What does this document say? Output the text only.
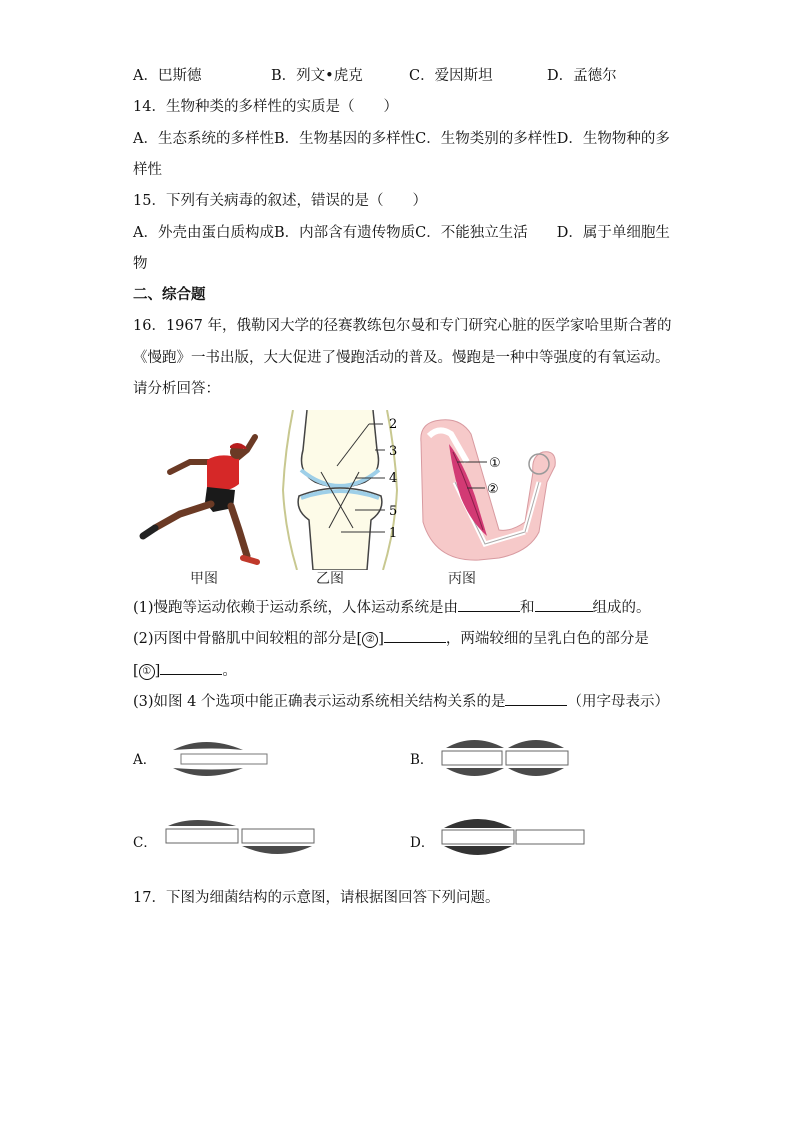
A．巴斯德	B．列文•虎克	C．爱因斯坦	D．孟德尔
14．生物种类的多样性的实质是（　　）
A．生态系统的多样性B．生物基因的多样性C．生物类别的多样性D．生物物种的多
样性
15．下列有关病毒的叙述，错误的是（　　）
A．外壳由蛋白质构成B．内部含有遗传物质C．不能独立生活　　D．属于单细胞生
物
二、综合题
16．1967 年，俄勒冈大学的径赛教练包尔曼和专门研究心脏的医学家哈里斯合著的
《慢跑》一书出版，大大促进了慢跑活动的普及。慢跑是一种中等强度的有氧运动。
请分析回答：
2
3
4
5
1
①
②
甲图	乙图	丙图
(1)慢跑等运动依赖于运动系统，人体运动系统是由	和	组成的。
(2)丙图中骨骼肌中间较粗的部分是[ ② ]	，两端较细的呈乳白色的部分是
[ ① ]	。
(3)如图 4 个选项中能正确表示运动系统相关结构关系的是	（用字母表示）
A．	B．
C．	D．
17．下图为细菌结构的示意图，请根据图回答下列问题。
